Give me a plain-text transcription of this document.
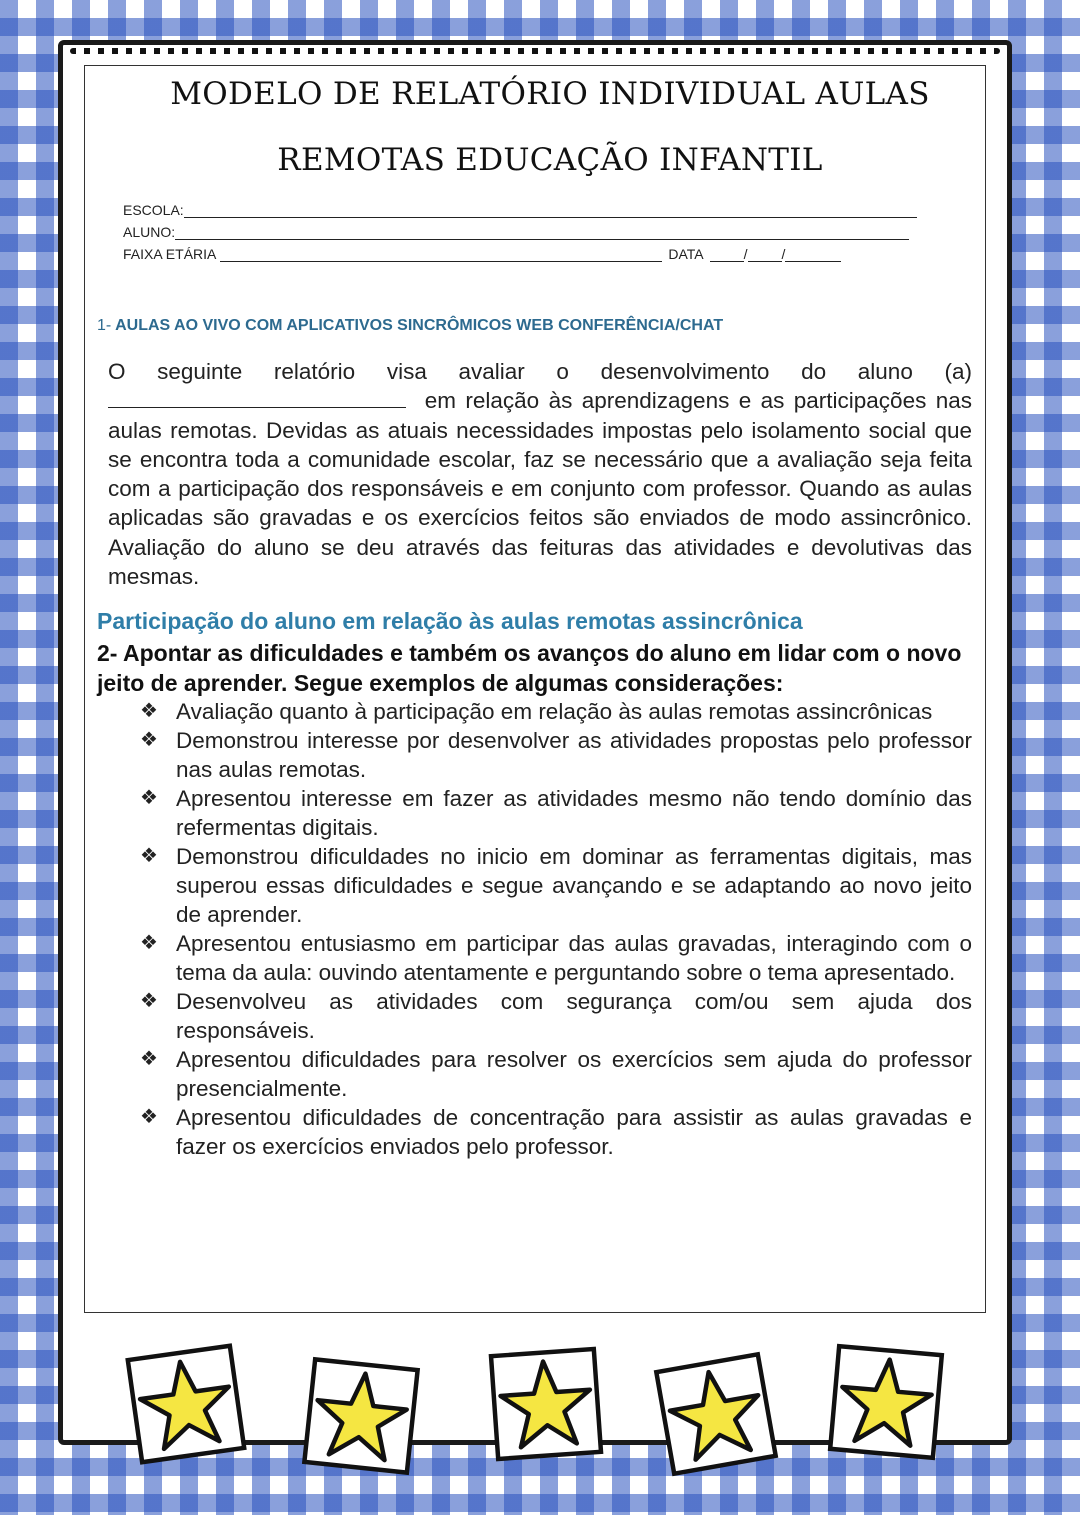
MODELO DE RELATÓRIO INDIVIDUAL AULAS
REMOTAS EDUCAÇÃO INFANTIL
ESCOLA:
ALUNO:
FAIXA ETÁRIA	DATA	/ /
1- AULAS AO VIVO COM APLICATIVOS SINCRÔMICOS WEB CONFERÊNCIA/CHAT

O seguinte relatório visa avaliar o desenvolvimento do aluno (a)
em relação às aprendizagens e as participações nas aulas remotas. Devidas as atuais necessidades impostas pelo isolamento social que se encontra toda a comunidade escolar, faz se necessário que a avaliação seja feita com a participação dos responsáveis e em conjunto com professor. Quando as aulas aplicadas são gravadas e os exercícios feitos são enviados de modo assincrônico. Avaliação do aluno se deu através das feituras das atividades e devolutivas das mesmas.

Participação do aluno em relação às aulas remotas assincrônica

2- Apontar as dificuldades e também os avanços do aluno em lidar com o novo jeito de aprender. Segue exemplos de algumas considerações:

❖ Avaliação quanto à participação em relação às aulas remotas assincrônicas
❖ Demonstrou interesse por desenvolver as atividades propostas pelo professor nas aulas remotas.
❖ Apresentou interesse em fazer as atividades mesmo não tendo domínio das refermentas digitais.
❖ Demonstrou dificuldades no inicio em dominar as ferramentas digitais, mas superou essas dificuldades e segue avançando e se adaptando ao novo jeito de aprender.
❖ Apresentou entusiasmo em participar das aulas gravadas, interagindo com o tema da aula: ouvindo atentamente e perguntando sobre o tema apresentado.
❖ Desenvolveu as atividades com segurança com/ou sem ajuda dos responsáveis.
❖ Apresentou dificuldades para resolver os exercícios sem ajuda do professor presencialmente.
❖ Apresentou dificuldades de concentração para assistir as aulas gravadas e fazer os exercícios enviados pelo professor.
